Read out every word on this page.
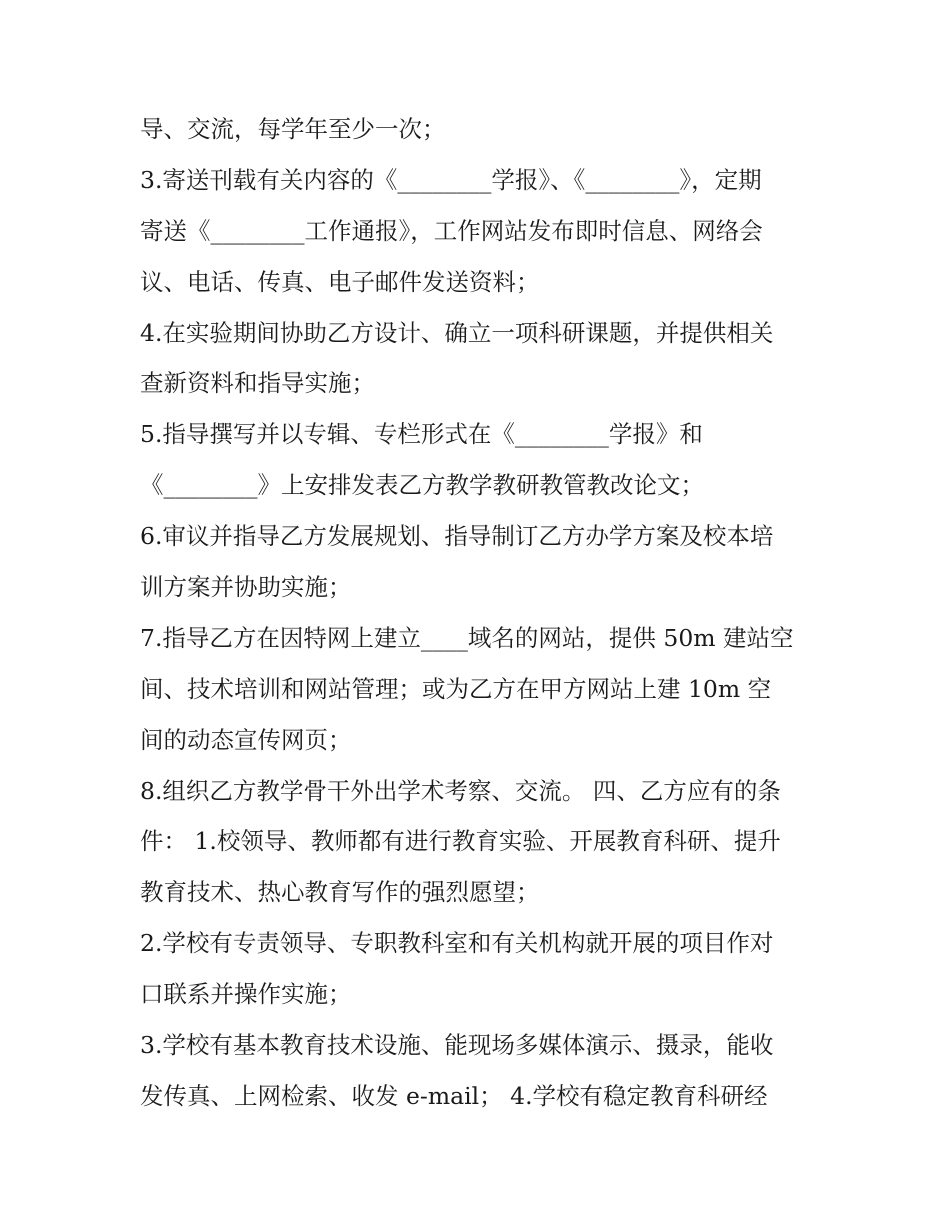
导、交流，每学年至少一次；

3.寄送刊载有关内容的《________学报》、《________》，定期

寄送《________工作通报》，工作网站发布即时信息、网络会

议、电话、传真、电子邮件发送资料；

4.在实验期间协助乙方设计、确立一项科研课题，并提供相关

查新资料和指导实施；

5.指导撰写并以专辑、专栏形式在《________学报》和

《________》上安排发表乙方教学教研教管教改论文；

6.审议并指导乙方发展规划、指导制订乙方办学方案及校本培

训方案并协助实施；

7.指导乙方在因特网上建立____域名的网站，提供 50m 建站空

间、技术培训和网站管理；或为乙方在甲方网站上建 10m 空

间的动态宣传网页；

8.组织乙方教学骨干外出学术考察、交流。 四、乙方应有的条

件： 1.校领导、教师都有进行教育实验、开展教育科研、提升

教育技术、热心教育写作的强烈愿望；

2.学校有专责领导、专职教科室和有关机构就开展的项目作对

口联系并操作实施；

3.学校有基本教育技术设施、能现场多媒体演示、摄录，能收

发传真、上网检索、收发 e-mail； 4.学校有稳定教育科研经
